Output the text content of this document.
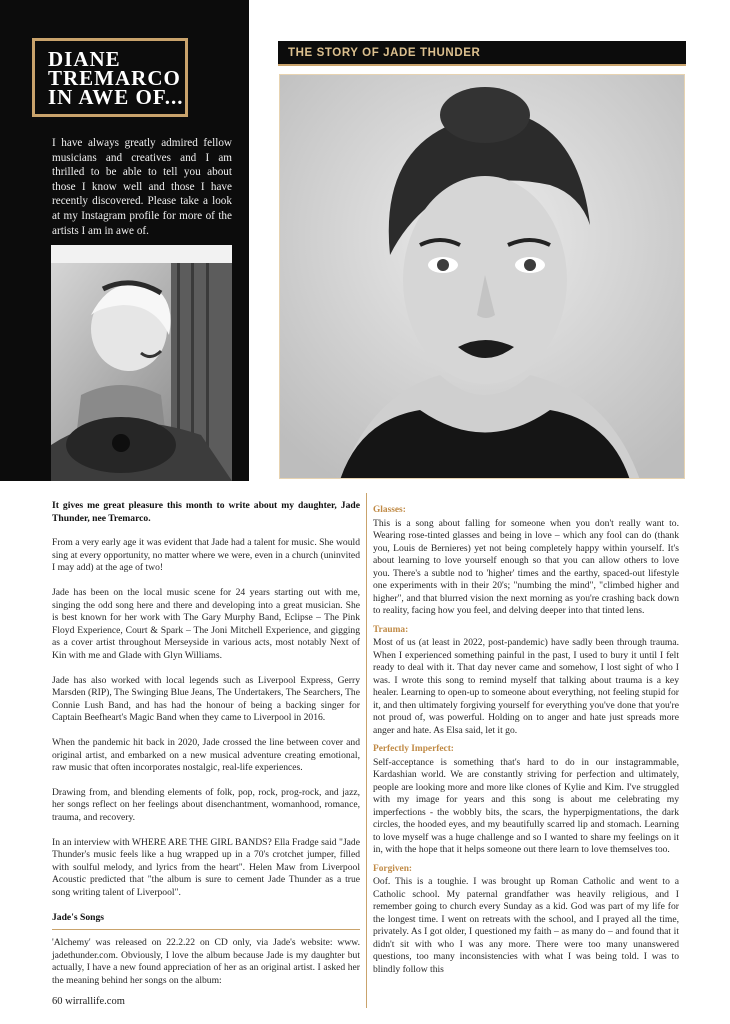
DIANE
TREMARCO
IN AWE OF...

I have always greatly admired fellow musicians and creatives and I am thrilled to be able to tell you about those I know well and those I have recently discovered. Please take a look at my Instagram profile for more of the artists I am in awe of.

THE STORY OF JADE THUNDER

It gives me great pleasure this month to write about my daughter, Jade Thunder, nee Tremarco.

From a very early age it was evident that Jade had a talent for music. She would sing at every opportunity, no matter where we were, even in a church (uninvited I may add) at the age of two!

Jade has been on the local music scene for 24 years starting out with me, singing the odd song here and there and developing into a great musician. She is best known for her work with The Gary Murphy Band, Eclipse – The Pink Floyd Experience, Court & Spark – The Joni Mitchell Experience, and gigging as a cover artist throughout Merseyside in various acts, most notably Next of Kin with me and Glade with Glyn Williams.

Jade has also worked with local legends such as Liverpool Express, Gerry Marsden (RIP), The Swinging Blue Jeans, The Undertakers, The Searchers, The Connie Lush Band, and has had the honour of being a backing singer for Captain Beefheart's Magic Band when they came to Liverpool in 2016.

When the pandemic hit back in 2020, Jade crossed the line between cover and original artist, and embarked on a new musical adventure creating emotional, raw music that often incorporates nostalgic, real-life experiences.

Drawing from, and blending elements of folk, pop, rock, prog-rock, and jazz, her songs reflect on her feelings about disenchantment, womanhood, romance, trauma, and recovery.

In an interview with WHERE ARE THE GIRL BANDS? Ella Fradge said "Jade Thunder's music feels like a hug wrapped up in a 70's crotchet jumper, filled with soulful melody, and lyrics from the heart". Helen Maw from Liverpool Acoustic predicted that "the album is sure to cement Jade Thunder as a true song writing talent of Liverpool".

Jade's Songs

'Alchemy' was released on 22.2.22 on CD only, via Jade's website: www. jadethunder.com. Obviously, I love the album because Jade is my daughter but actually, I have a new found appreciation of her as an original artist. I asked her the meaning behind her songs on the album:

Glasses:

This is a song about falling for someone when you don't really want to. Wearing rose-tinted glasses and being in love – which any fool can do (thank you, Louis de Bernieres) yet not being completely happy within yourself. It's about learning to love yourself enough so that you can allow others to love you. There's a subtle nod to 'higher' times and the earthy, spaced-out lifestyle one experiments with in their 20's; "numbing the mind", "climbed higher and higher", and that blurred vision the next morning as you're crashing back down to reality, facing how you feel, and delving deeper into that tinted lens.

Trauma:

Most of us (at least in 2022, post-pandemic) have sadly been through trauma. When I experienced something painful in the past, I used to bury it until I felt ready to deal with it. That day never came and somehow, I lost sight of who I was. I wrote this song to remind myself that talking about trauma is a key healer. Learning to open-up to someone about everything, not feeling stupid for it, and then ultimately forgiving yourself for everything you've done that you're not proud of, was powerful. Holding on to anger and hate just spreads more anger and hate. As Elsa said, let it go.

Perfectly Imperfect:

Self-acceptance is something that's hard to do in our instagrammable, Kardashian world. We are constantly striving for perfection and ultimately, people are looking more and more like clones of Kylie and Kim. I've struggled with my image for years and this song is about me celebrating my imperfections - the wobbly bits, the scars, the hyperpigmentations, the dark circles, the hooded eyes, and my beautifully scarred lip and stomach. Learning to love myself was a huge challenge and so I wanted to share my feelings on it in, with the hope that it helps someone out there learn to love themselves too.

Forgiven:

Oof. This is a toughie. I was brought up Roman Catholic and went to a Catholic school. My paternal grandfather was heavily religious, and I remember going to church every Sunday as a kid. God was part of my life for the longest time. I went on retreats with the school, and I prayed all the time, privately. As I got older, I questioned my faith – as many do – and found that it didn't sit with who I was any more. There were too many unanswered questions, too many inconsistencies with what I was being told. I was to blindly follow this

60 wirrallife.com
